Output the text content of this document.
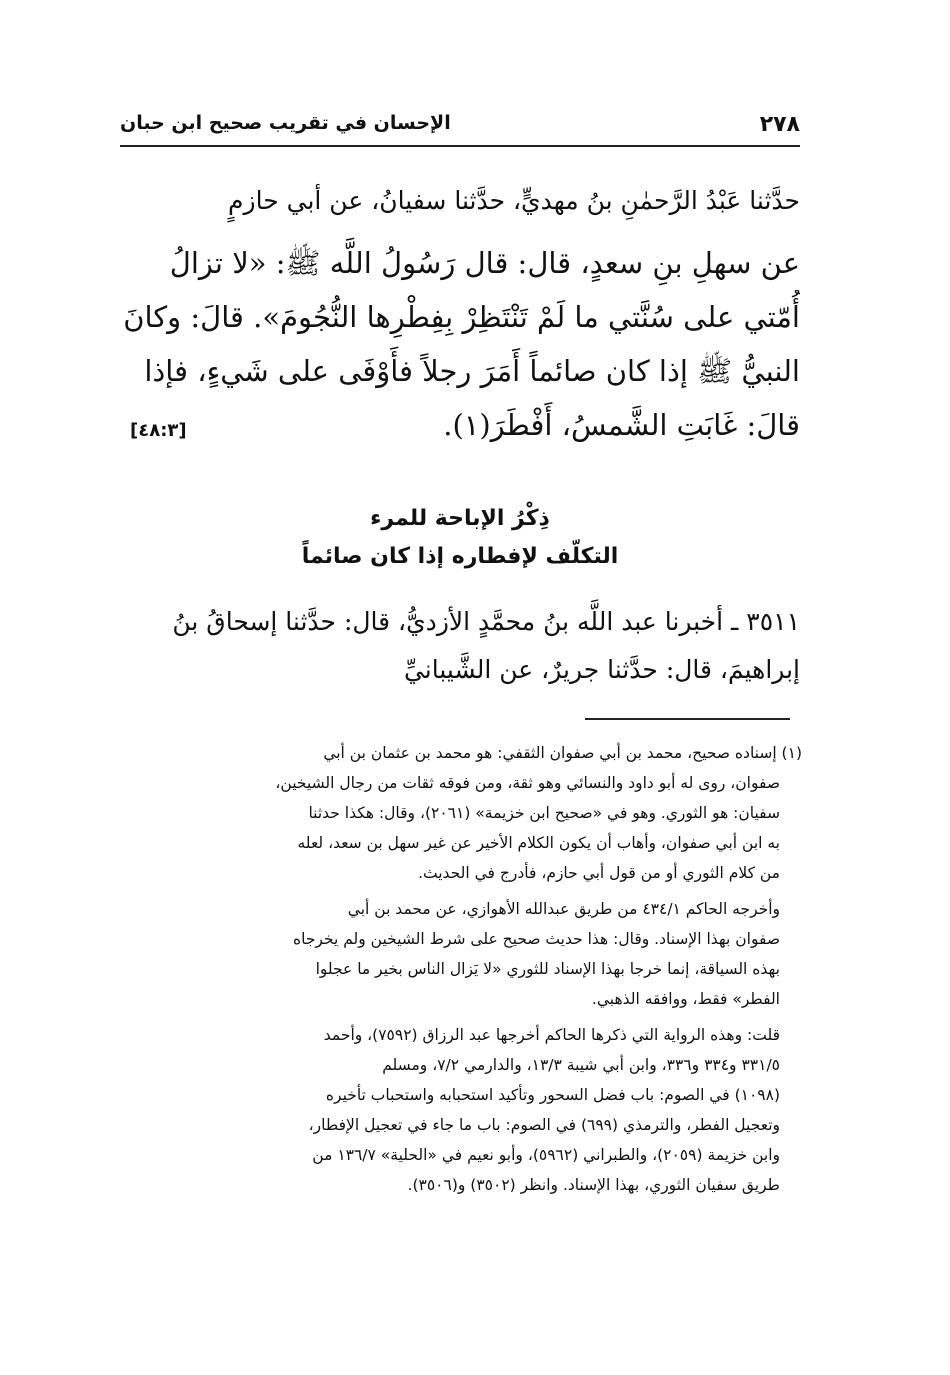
٢٧٨
الإحسان في تقريب صحيح ابن حبان
حدَّثنا عَبْدُ الرَّحمٰنِ بنُ مهديٍّ، حدَّثنا سفيانُ، عن أبي حازمٍ
عن سهلِ بنِ سعدٍ، قال: قال رَسُولُ اللَّه ﷺ: «لا تزالُ
أُمّتي على سُنَّتي ما لَمْ تَنْتَظِرْ بِفِطْرِها النُّجُومَ». قالَ: وكانَ
النبيُّ ﷺ إذا كان صائماً أَمَرَ رجلاً فأَوْفَى على شَيءٍ، فإذا
قالَ: غَابَتِ الشَّمسُ، أَفْطَرَ(١).
[٤٨:٣]
ذِكْرُ الإباحة للمرء
التكلّف لإفطاره إذا كان صائماً
٣٥١١ ـ أخبرنا عبد اللَّه بنُ محمَّدٍ الأزديُّ، قال: حدَّثنا إسحاقُ بنُ
إبراهيمَ، قال: حدَّثنا جريرٌ، عن الشَّيبانيِّ
(١) إسناده صحيح، محمد بن أبي صفوان الثقفي: هو محمد بن عثمان بن أبي
صفوان، روى له أبو داود والنسائي وهو ثقة، ومن فوقه ثقات من رجال الشيخين،
سفيان: هو الثوري. وهو في «صحيح ابن خزيمة» (٢٠٦١)، وقال: هكذا حدثنا
به ابن أبي صفوان، وأهاب أن يكون الكلام الأخير عن غير سهل بن سعد، لعله
من كلام الثوري أو من قول أبي حازم، فأدرج في الحديث.
وأخرجه الحاكم ٤٣٤/١ من طريق عبدالله الأهوازي، عن محمد بن أبي
صفوان بهذا الإسناد. وقال: هذا حديث صحيح على شرط الشيخين ولم يخرجاه
بهذه السياقة، إنما خرجا بهذا الإسناد للثوري «لا يَزال الناس بخير ما عجلوا
الفطر» فقط، ووافقه الذهبي.
قلت: وهذه الرواية التي ذكرها الحاكم أخرجها عبد الرزاق (٧٥٩٢)، وأحمد
٣٣١/٥ و٣٣٤ و٣٣٦، وابن أبي شيبة ١٣/٣، والدارمي ٧/٢، ومسلم
(١٠٩٨) في الصوم: باب فضل السحور وتأكيد استحبابه واستحباب تأخيره
وتعجيل الفطر، والترمذي (٦٩٩) في الصوم: باب ما جاء في تعجيل الإفطار،
وابن خزيمة (٢٠٥٩)، والطبراني (٥٩٦٢)، وأبو نعيم في «الحلية» ١٣٦/٧ من
طريق سفيان الثوري، بهذا الإسناد. وانظر (٣٥٠٢) و(٣٥٠٦).
